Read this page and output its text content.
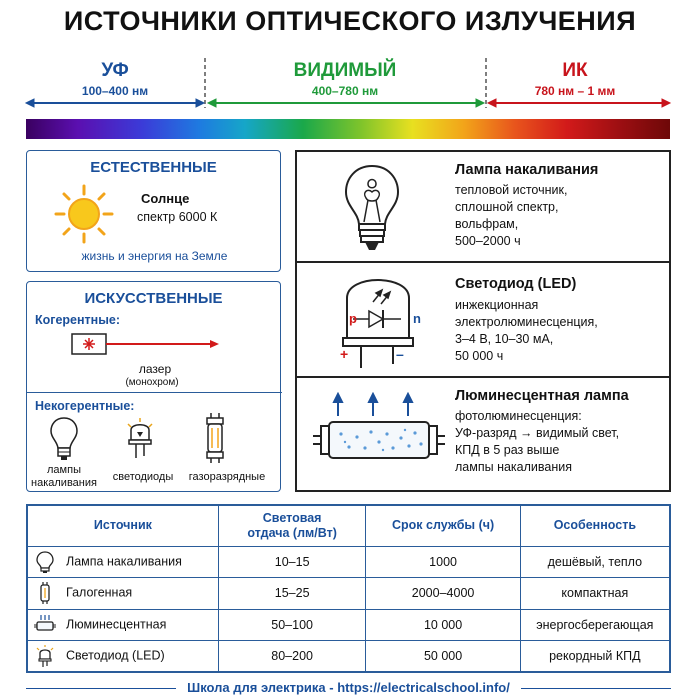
ИСТОЧНИКИ ОПТИЧЕСКОГО ИЗЛУЧЕНИЯ
УФ
100–400 нм
ВИДИМЫЙ
400–780 нм
ИК
780 нм – 1 мм
ЕСТЕСТВЕННЫЕ
Солнце
спектр 6000 К
жизнь и энергия на Земле
ИСКУССТВЕННЫЕ
Когерентные:
лазер
(монохром)
Некогерентные:
лампы накаливания	светодиоды	газоразрядные
Лампа накаливания
тепловой источник,
сплошной спектр,
вольфрам,
500–2000 ч
p	n
+	–
Светодиод (LED)
инжекционная
электролюминесценция,
3–4 В, 10–30 мА,
50 000 ч
Люминесцентная лампа
фотолюминесценция:
УФ-разряд → видимый свет,
КПД в 5 раз выше
лампы накаливания
Источник	Световая отдача (лм/Вт)	Срок службы (ч)	Особенность
Лампа накаливания	10–15	1000	дешёвый, тепло
Галогенная	15–25	2000–4000	компактная
Люминесцентная	50–100	10 000	энергосберегающая
Светодиод (LED)	80–200	50 000	рекордный КПД
Школа для электрика - https://electricalschool.info/
